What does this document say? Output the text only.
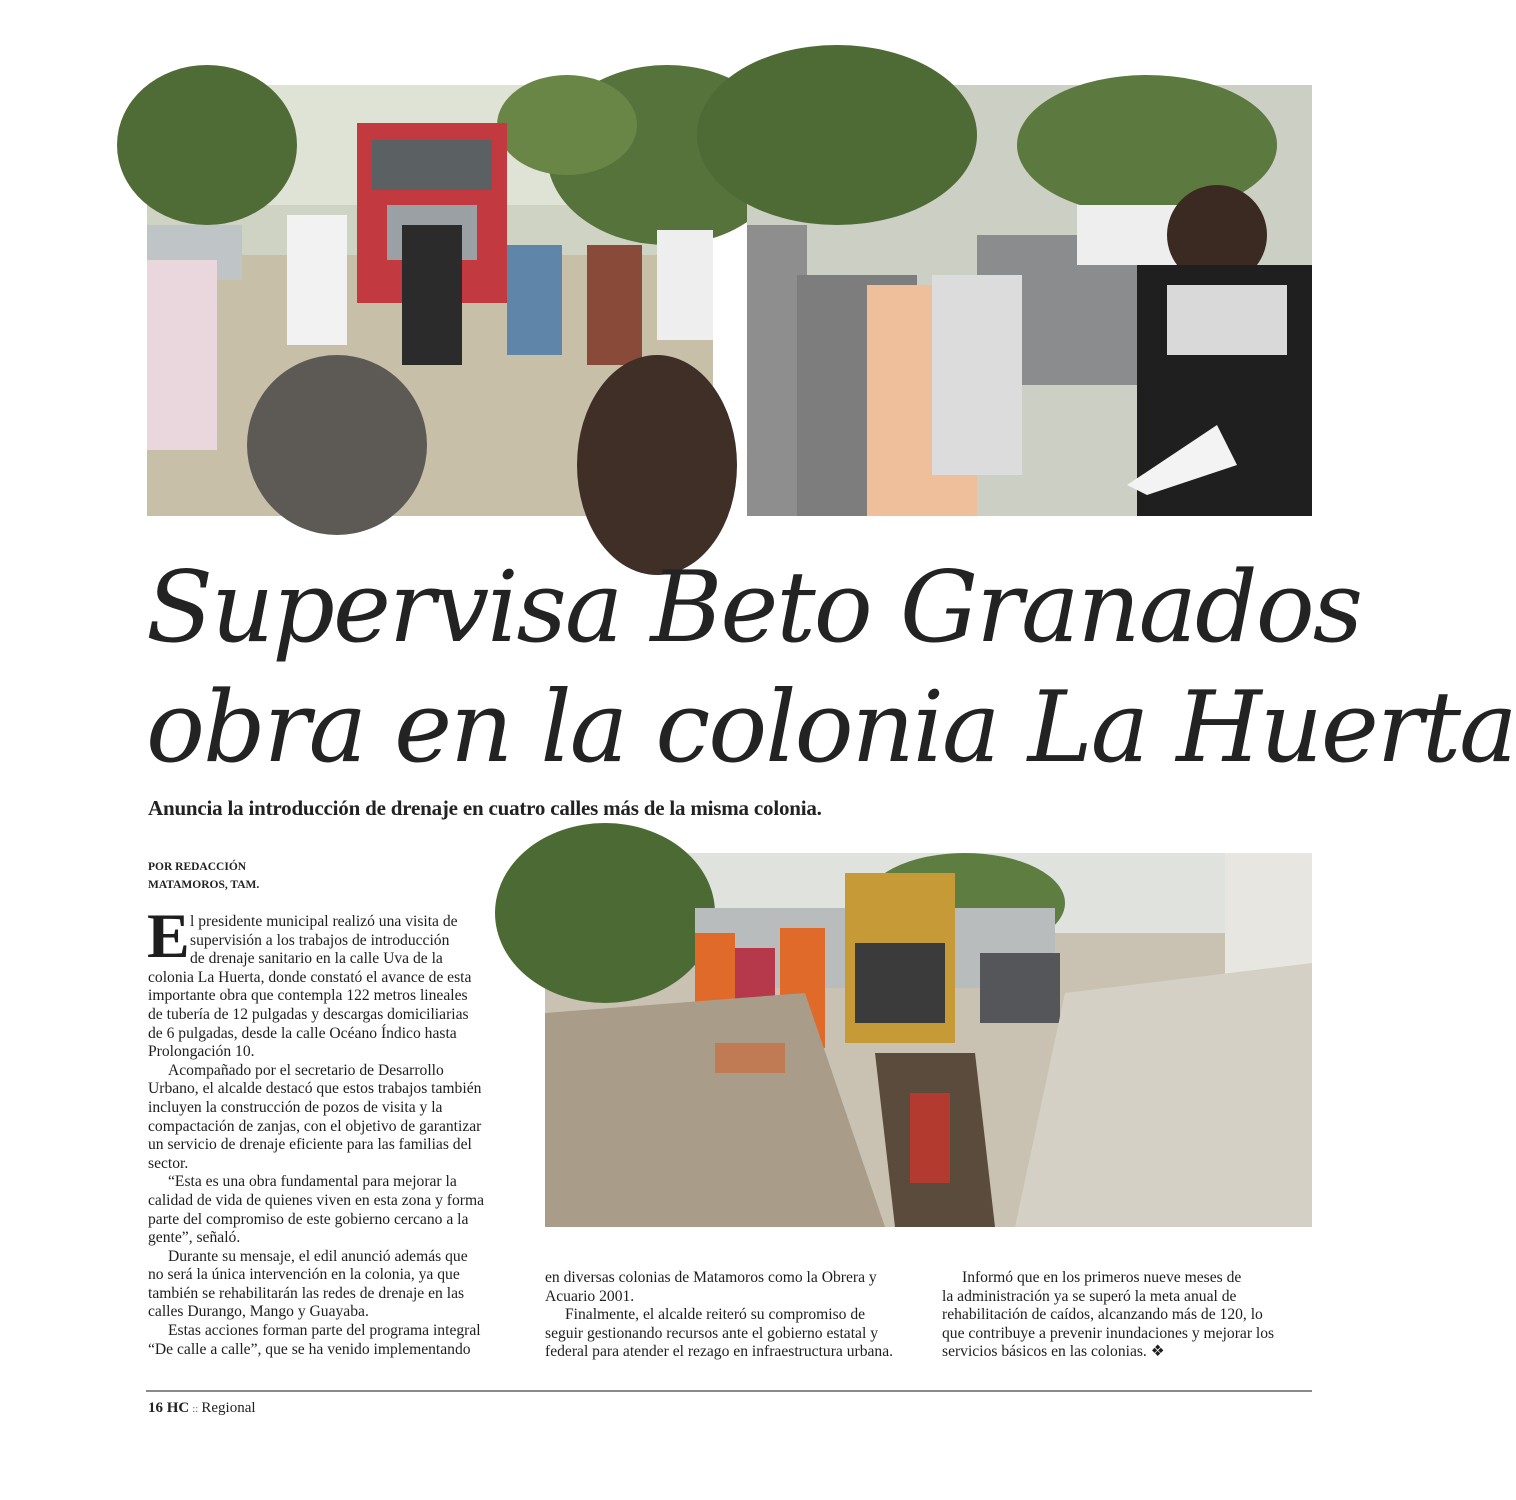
Supervisa Beto Granados
obra en la colonia La Huerta

Anuncia la introducción de drenaje en cuatro calles más de la misma colonia.

POR REDACCIÓN
MATAMOROS, TAM.
E l presidente municipal realizó una visita de
supervisión a los trabajos de introducción
de drenaje sanitario en la calle Uva de la
colonia La Huerta, donde constató el avance de esta
importante obra que contempla 122 metros lineales
de tubería de 12 pulgadas y descargas domiciliarias
de 6 pulgadas, desde la calle Océano Índico hasta
Prolongación 10.
Acompañado por el secretario de Desarrollo
Urbano, el alcalde destacó que estos trabajos también
incluyen la construcción de pozos de visita y la
compactación de zanjas, con el objetivo de garantizar
un servicio de drenaje eficiente para las familias del
sector.
“Esta es una obra fundamental para mejorar la
calidad de vida de quienes viven en esta zona y forma
parte del compromiso de este gobierno cercano a la
gente”, señaló.
Durante su mensaje, el edil anunció además que
no será la única intervención en la colonia, ya que
también se rehabilitarán las redes de drenaje en las
calles Durango, Mango y Guayaba.
Estas acciones forman parte del programa integral
“De calle a calle”, que se ha venido implementando
en diversas colonias de Matamoros como la Obrera y
Acuario 2001.
Finalmente, el alcalde reiteró su compromiso de
seguir gestionando recursos ante el gobierno estatal y
federal para atender el rezago en infraestructura urbana.
Informó que en los primeros nueve meses de
la administración ya se superó la meta anual de
rehabilitación de caídos, alcanzando más de 120, lo
que contribuye a prevenir inundaciones y mejorar los
servicios básicos en las colonias. ❖
16 HC :: Regional
